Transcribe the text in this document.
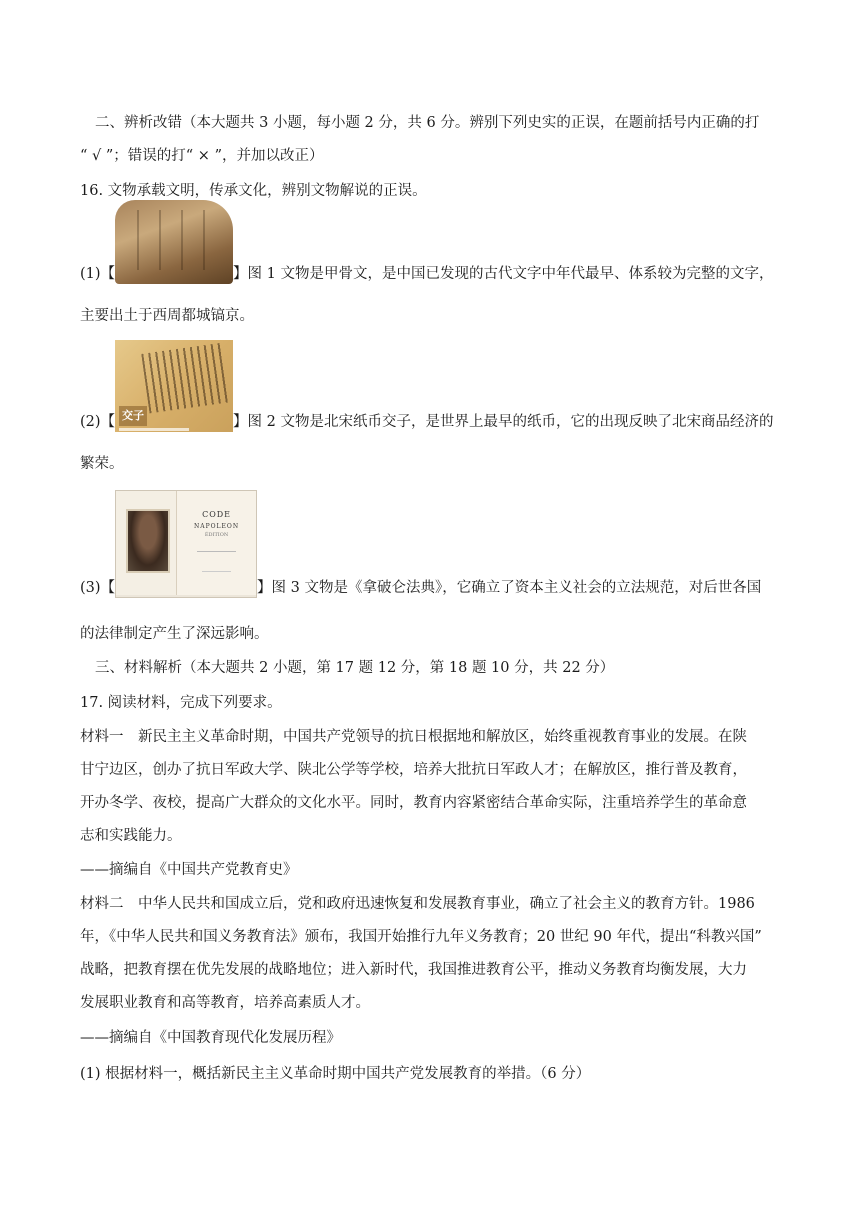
二、辨析改错（本大题共 3 小题，每小题 2 分，共 6 分。辨别下列史实的正误，在题前括号内正确的打
“ √ ”；错误的打“ × ”，并加以改正）
16. 文物承载文明，传承文化，辨别文物解说的正误。
(1)【	】图 1 文物是甲骨文，是中国已发现的古代文字中年代最早、体系较为完整的文字，
主要出土于西周都城镐京。
(2)【 交子	】图 2 文物是北宋纸币交子，是世界上最早的纸币，它的出现反映了北宋商品经济的
繁荣。
(3)【
CODE
NAPOLEON
ÉDITION
】图 3 文物是《拿破仑法典》，它确立了资本主义社会的立法规范，对后世各国
的法律制定产生了深远影响。
三、材料解析（本大题共 2 小题，第 17 题 12 分，第 18 题 10 分，共 22 分）
17. 阅读材料，完成下列要求。
材料一　新民主主义革命时期，中国共产党领导的抗日根据地和解放区，始终重视教育事业的发展。在陕
甘宁边区，创办了抗日军政大学、陕北公学等学校，培养大批抗日军政人才；在解放区，推行普及教育，
开办冬学、夜校，提高广大群众的文化水平。同时，教育内容紧密结合革命实际，注重培养学生的革命意
志和实践能力。
——摘编自《中国共产党教育史》
材料二　中华人民共和国成立后，党和政府迅速恢复和发展教育事业，确立了社会主义的教育方针。1986
年，《中华人民共和国义务教育法》颁布，我国开始推行九年义务教育；20 世纪 90 年代，提出“科教兴国”
战略，把教育摆在优先发展的战略地位；进入新时代，我国推进教育公平，推动义务教育均衡发展，大力
发展职业教育和高等教育，培养高素质人才。
——摘编自《中国教育现代化发展历程》
(1) 根据材料一，概括新民主主义革命时期中国共产党发展教育的举措。（6 分）
